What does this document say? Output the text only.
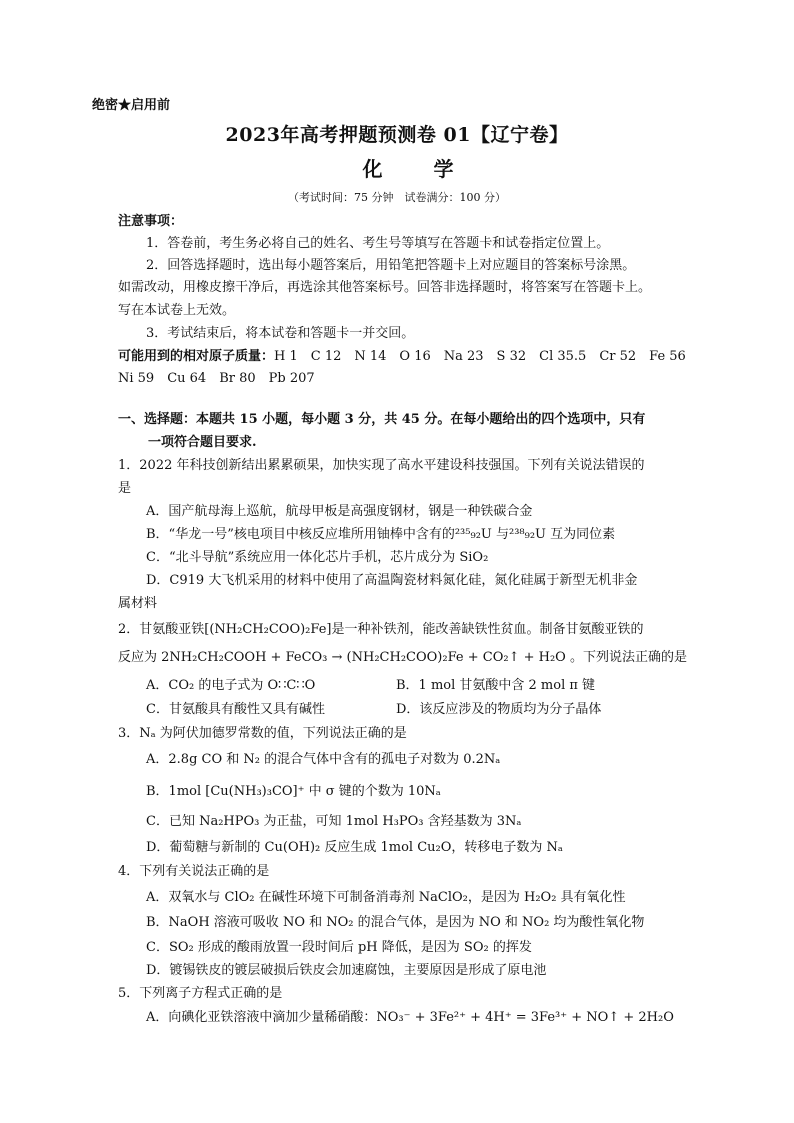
绝密★启用前
2023年高考押题预测卷 01【辽宁卷】
化 学
（考试时间：75 分钟　试卷满分：100 分）
注意事项：
1．答卷前，考生务必将自己的姓名、考生号等填写在答题卡和试卷指定位置上。
2．回答选择题时，选出每小题答案后，用铅笔把答题卡上对应题目的答案标号涂黑。
如需改动，用橡皮擦干净后，再选涂其他答案标号。回答非选择题时，将答案写在答题卡上。
写在本试卷上无效。
3．考试结束后，将本试卷和答题卡一并交回。
可能用到的相对原子质量：H 1　C 12　N 14　O 16　Na 23　S 32　Cl 35.5　Cr 52　Fe 56
Ni 59　Cu 64　Br 80　Pb 207
一、选择题：本题共 15 小题，每小题 3 分，共 45 分。在每小题给出的四个选项中，只有
一项符合题目要求.
1．2022 年科技创新结出累累硕果，加快实现了高水平建设科技强国。下列有关说法错误的
是
A．国产航母海上巡航，航母甲板是高强度钢材，钢是一种铁碳合金
B．“华龙一号”核电项目中核反应堆所用铀棒中含有的²³⁵₉₂U 与²³⁸₉₂U 互为同位素
C．“北斗导航”系统应用一体化芯片手机，芯片成分为 SiO₂
D．C919 大飞机采用的材料中使用了高温陶瓷材料氮化硅，氮化硅属于新型无机非金
属材料
2．甘氨酸亚铁[(NH₂CH₂COO)₂Fe]是一种补铁剂，能改善缺铁性贫血。制备甘氨酸亚铁的
反应为 2NH₂CH₂COOH + FeCO₃ → (NH₂CH₂COO)₂Fe + CO₂↑ + H₂O 。下列说法正确的是
A．CO₂ 的电子式为 O∷C∷O	B．1 mol 甘氨酸中含 2 mol π 键
C．甘氨酸具有酸性又具有碱性	D．该反应涉及的物质均为分子晶体
3．Nₐ 为阿伏加德罗常数的值，下列说法正确的是
A．2.8g CO 和 N₂ 的混合气体中含有的孤电子对数为 0.2Nₐ
B．1mol [Cu(NH₃)₃CO]⁺ 中 σ 键的个数为 10Nₐ
C．已知 Na₂HPO₃ 为正盐，可知 1mol H₃PO₃ 含羟基数为 3Nₐ
D．葡萄糖与新制的 Cu(OH)₂ 反应生成 1mol Cu₂O，转移电子数为 Nₐ
4．下列有关说法正确的是
A．双氧水与 ClO₂ 在碱性环境下可制备消毒剂 NaClO₂，是因为 H₂O₂ 具有氧化性
B．NaOH 溶液可吸收 NO 和 NO₂ 的混合气体，是因为 NO 和 NO₂ 均为酸性氧化物
C．SO₂ 形成的酸雨放置一段时间后 pH 降低，是因为 SO₂ 的挥发
D．镀锡铁皮的镀层破损后铁皮会加速腐蚀，主要原因是形成了原电池
5．下列离子方程式正确的是
A．向碘化亚铁溶液中滴加少量稀硝酸：NO₃⁻ + 3Fe²⁺ + 4H⁺ = 3Fe³⁺ + NO↑ + 2H₂O
